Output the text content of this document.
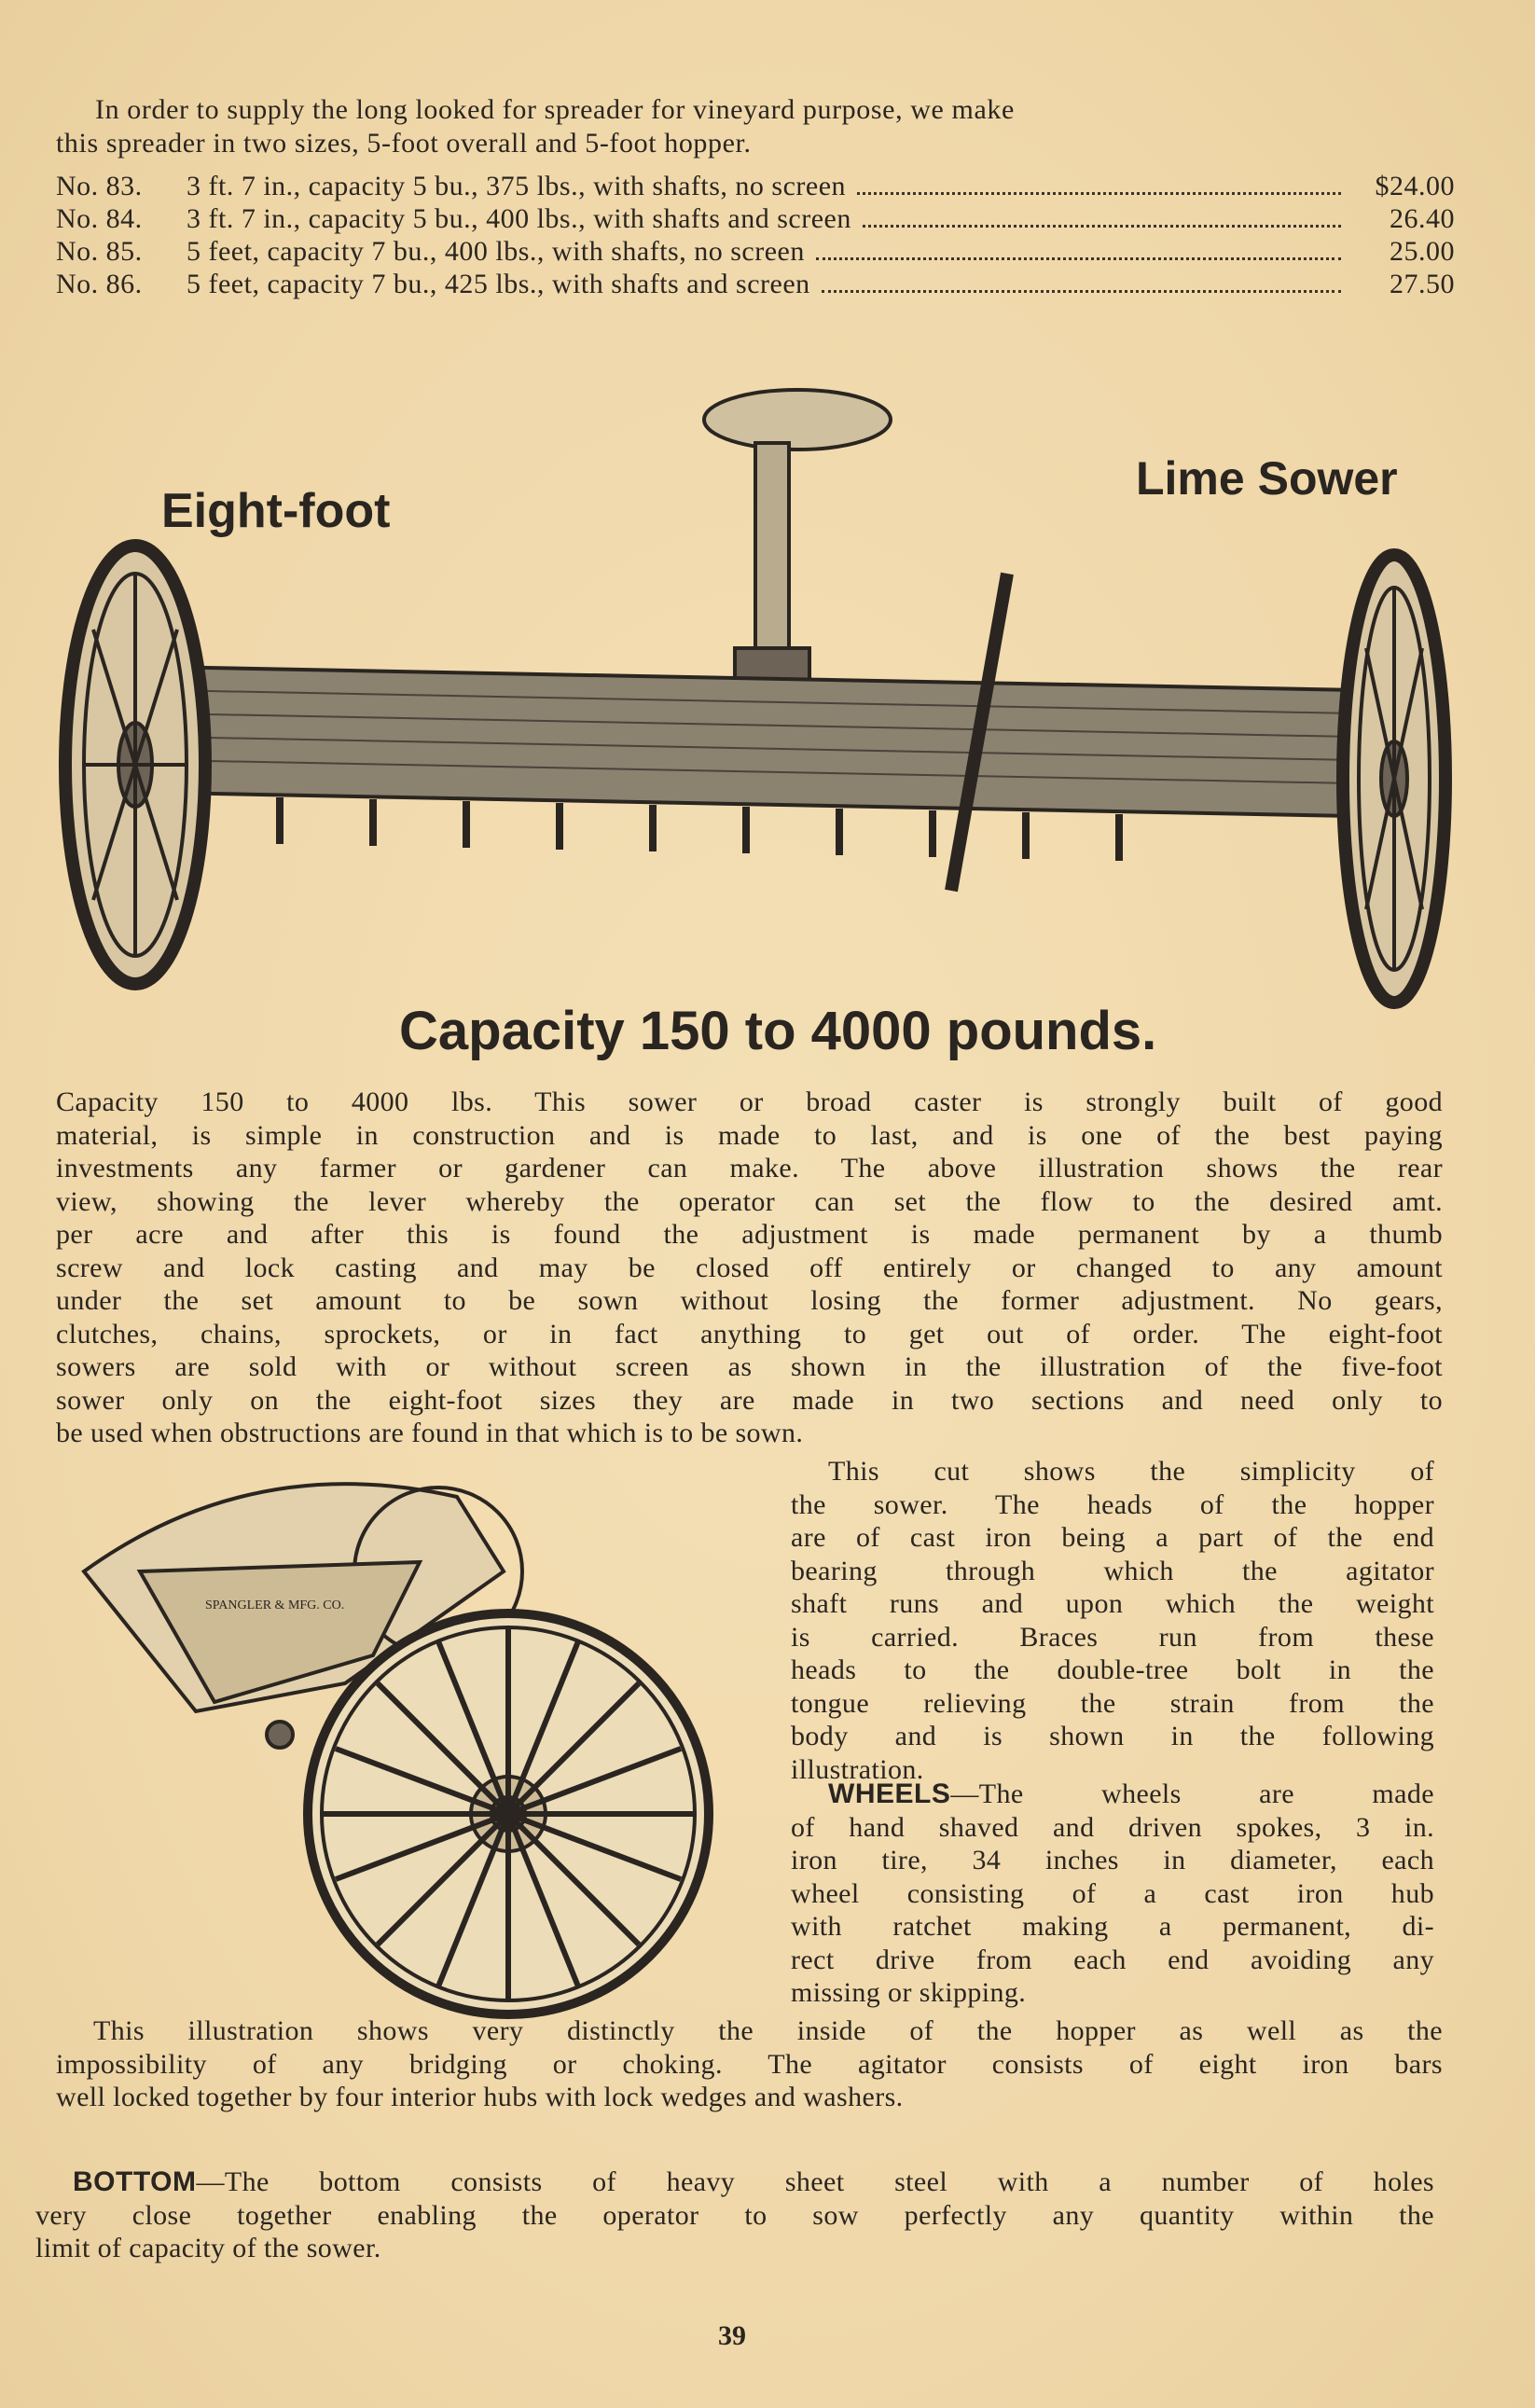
In order to supply the long looked for spreader for vineyard purpose, we make
this spreader in two sizes, 5-foot overall and 5-foot hopper.
No. 83.	3 ft. 7 in., capacity 5 bu., 375 lbs., with shafts, no screen	$24.00
No. 84.	3 ft. 7 in., capacity 5 bu., 400 lbs., with shafts and screen	26.40
No. 85.	5 feet, capacity 7 bu., 400 lbs., with shafts, no screen	25.00
No. 86.	5 feet, capacity 7 bu., 425 lbs., with shafts and screen	27.50
Eight-foot
Lime Sower
Capacity 150 to 4000 pounds.
Capacity 150 to 4000 lbs. This sower or broad caster is strongly built of good
material, is simple in construction and is made to last, and is one of the best paying
investments any farmer or gardener can make. The above illustration shows the rear
view, showing the lever whereby the operator can set the flow to the desired amt.
per acre and after this is found the adjustment is made permanent by a thumb
screw and lock casting and may be closed off entirely or changed to any amount
under the set amount to be sown without losing the former adjustment. No gears,
clutches, chains, sprockets, or in fact anything to get out of order. The eight-foot
sowers are sold with or without screen as shown in the illustration of the five-foot
sower only on the eight-foot sizes they are made in two sections and need only to
be used when obstructions are found in that which is to be sown.
SPANGLER & MFG. CO.
This cut shows the simplicity of
the sower. The heads of the hopper
are of cast iron being a part of the end
bearing through which the agitator
shaft runs and upon which the weight
is carried. Braces run from these
heads to the double-tree bolt in the
tongue relieving the strain from the
body and is shown in the following
illustration.
WHEELS—The wheels are made
of hand shaved and driven spokes, 3 in.
iron tire, 34 inches in diameter, each
wheel consisting of a cast iron hub
with ratchet making a permanent, di-
rect drive from each end avoiding any
missing or skipping.
This illustration shows very distinctly the inside of the hopper as well as the
impossibility of any bridging or choking. The agitator consists of eight iron bars
well locked together by four interior hubs with lock wedges and washers.
BOTTOM—The bottom consists of heavy sheet steel with a number of holes
very close together enabling the operator to sow perfectly any quantity within the
limit of capacity of the sower.
39
